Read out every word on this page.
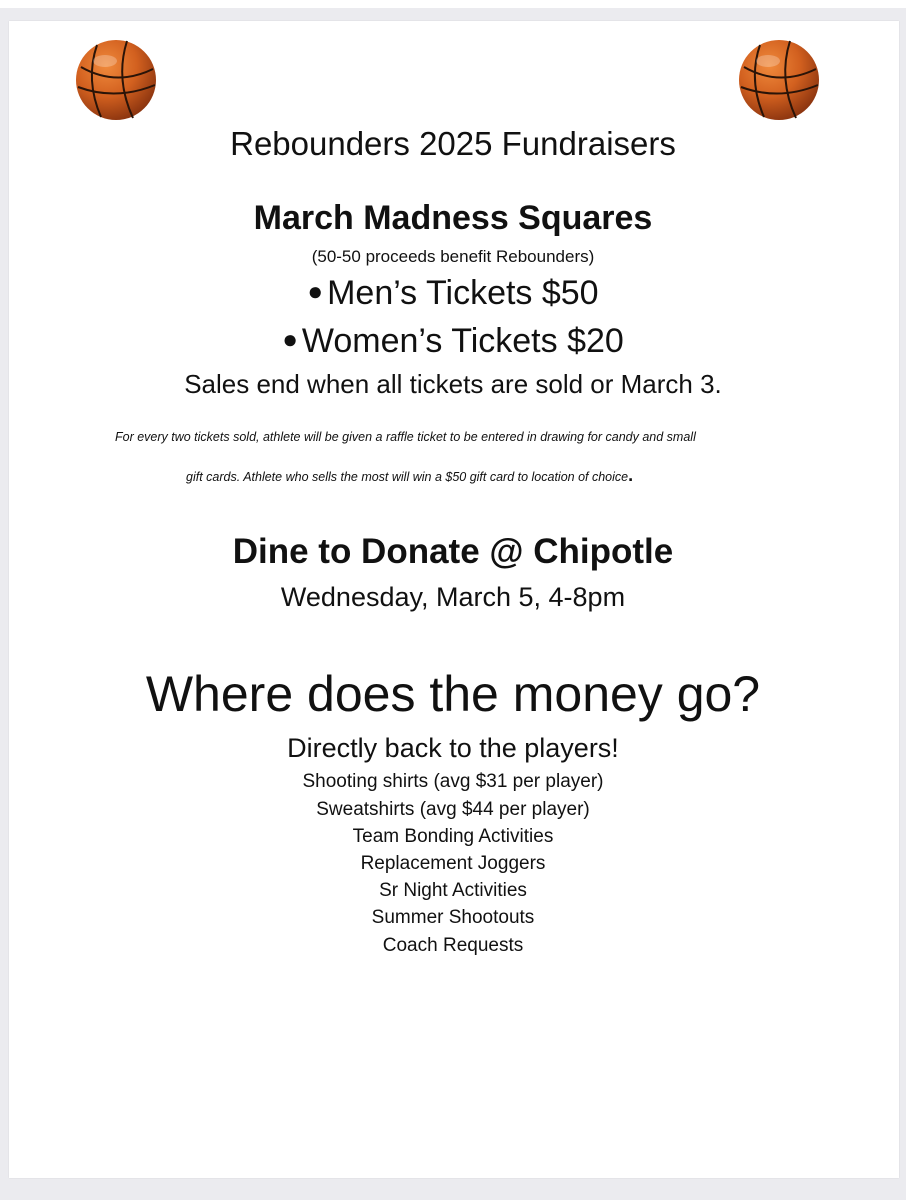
Rebounders 2025 Fundraisers
March Madness Squares
(50-50 proceeds benefit Rebounders)
● Men’s Tickets $50
● Women’s Tickets $20
Sales end when all tickets are sold or March 3.
For every two tickets sold, athlete will be given a raffle ticket to be entered in drawing for candy and small
gift cards. Athlete who sells the most will win a $50 gift card to location of choice.
Dine to Donate @ Chipotle
Wednesday, March 5, 4-8pm
Where does the money go?
Directly back to the players!
Shooting shirts (avg $31 per player)
Sweatshirts (avg $44 per player)
Team Bonding Activities
Replacement Joggers
Sr Night Activities
Summer Shootouts
Coach Requests
